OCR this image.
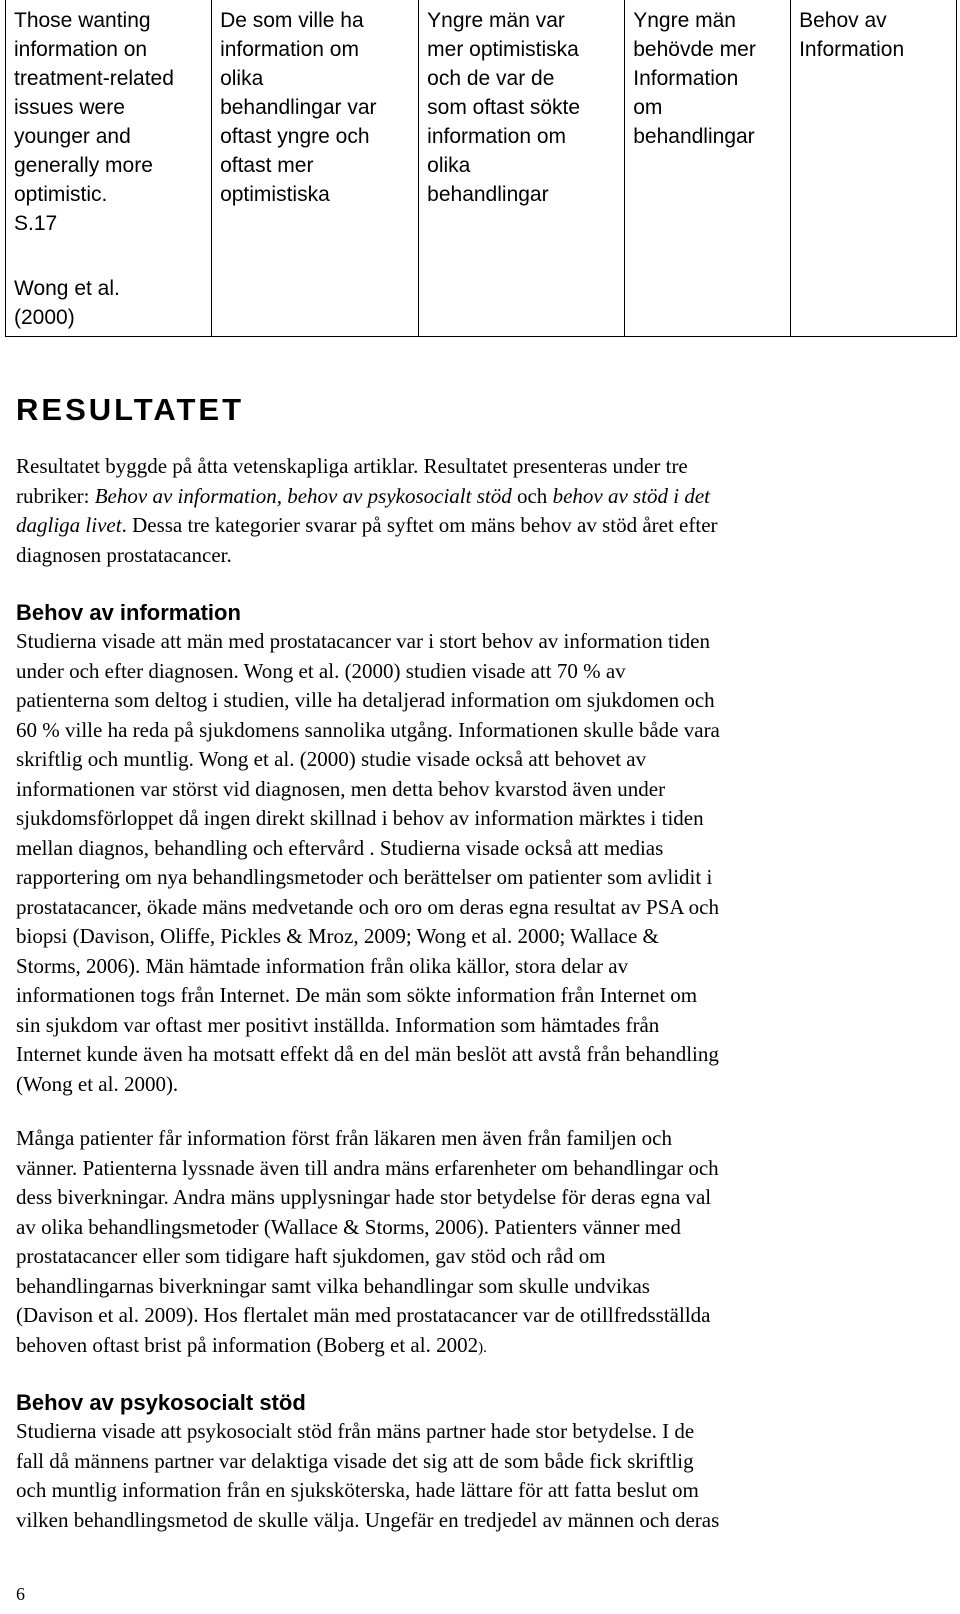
Those wanting
information on
treatment-related
issues were
younger and
generally more
optimistic.
S.17
Wong et al.
(2000)
	De som ville ha
information om
olika
behandlingar var
oftast yngre och
oftast mer
optimistiska	Yngre män var
mer optimistiska
och de var de
som oftast sökte
information om
olika
behandlingar	Yngre män
behövde mer
Information
om
behandlingar	Behov av
Information
RESULTATET

Resultatet byggde på åtta vetenskapliga artiklar. Resultatet presenteras under tre

rubriker: Behov av information, behov av psykosocialt stöd och behov av stöd i det

dagliga livet. Dessa tre kategorier svarar på syftet om mäns behov av stöd året efter

diagnosen prostatacancer.

Behov av information

Studierna visade att män med prostatacancer var i stort behov av information tiden
under och efter diagnosen. Wong et al. (2000) studien visade att 70 % av
patienterna som deltog i studien, ville ha detaljerad information om sjukdomen och
60 % ville ha reda på sjukdomens sannolika utgång. Informationen skulle både vara
skriftlig och muntlig. Wong et al. (2000) studie visade också att behovet av
informationen var störst vid diagnosen, men detta behov kvarstod även under
sjukdomsförloppet då ingen direkt skillnad i behov av information märktes i tiden
mellan diagnos, behandling och eftervård . Studierna visade också att medias
rapportering om nya behandlingsmetoder och berättelser om patienter som avlidit i
prostatacancer, ökade mäns medvetande och oro om deras egna resultat av PSA och
biopsi (Davison, Oliffe, Pickles & Mroz, 2009; Wong et al. 2000; Wallace &
Storms, 2006). Män hämtade information från olika källor, stora delar av
informationen togs från Internet. De män som sökte information från Internet om
sin sjukdom var oftast mer positivt inställda. Information som hämtades från
Internet kunde även ha motsatt effekt då en del män beslöt att avstå från behandling
(Wong et al. 2000).

Många patienter får information först från läkaren men även från familjen och
vänner. Patienterna lyssnade även till andra mäns erfarenheter om behandlingar och
dess biverkningar. Andra mäns upplysningar hade stor betydelse för deras egna val
av olika behandlingsmetoder (Wallace & Storms, 2006). Patienters vänner med
prostatacancer eller som tidigare haft sjukdomen, gav stöd och råd om
behandlingarnas biverkningar samt vilka behandlingar som skulle undvikas
(Davison et al. 2009). Hos flertalet män med prostatacancer var de otillfredsställda
behoven oftast brist på information (Boberg et al. 2002).

Behov av psykosocialt stöd

Studierna visade att psykosocialt stöd från mäns partner hade stor betydelse. I de
fall då männens partner var delaktiga visade det sig att de som både fick skriftlig
och muntlig information från en sjuksköterska, hade lättare för att fatta beslut om
vilken behandlingsmetod de skulle välja. Ungefär en tredjedel av männen och deras

6
